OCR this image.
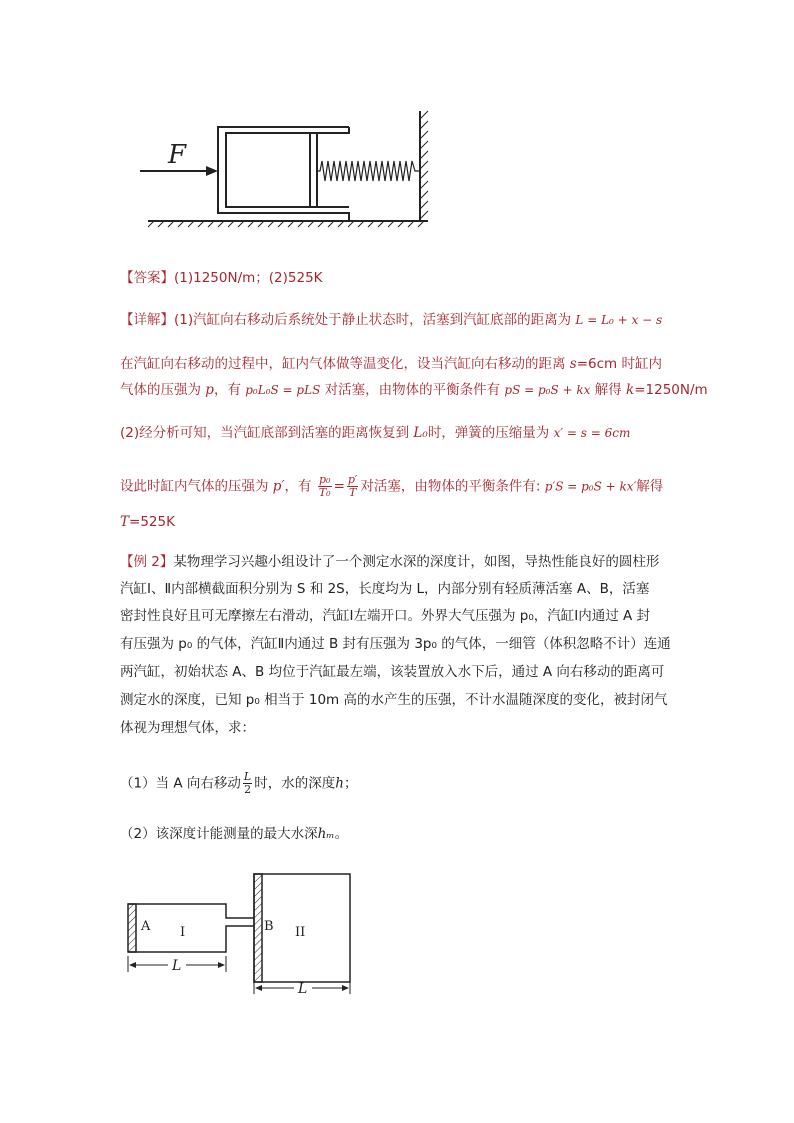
F
【答案】(1)1250N/m；(2)525K
【详解】(1)汽缸向右移动后系统处于静止状态时，活塞到汽缸底部的距离为 L = L₀ + x − s
在汽缸向右移动的过程中，缸内气体做等温变化，设当汽缸向右移动的距离 s=6cm 时缸内
气体的压强为 p，有 p₀L₀S = pLS 对活塞，由物体的平衡条件有 pS = p₀S + kx 解得 k=1250N/m
(2)经分析可知，当汽缸底部到活塞的距离恢复到 L₀时，弹簧的压缩量为 x′ = s = 6cm
设此时缸内气体的压强为 p′，有 $\frac{\text{p₀}}{\text{T₀}} = \frac{p'}{T}$ 对活塞，由物体的平衡条件有: p′S = p₀S + kx′解得
T=525K
【例 2】某物理学习兴趣小组设计了一个测定水深的深度计，如图，导热性能良好的圆柱形
汽缸Ⅰ、Ⅱ内部横截面积分别为 S 和 2S，长度均为 L，内部分别有轻质薄活塞 A、B，活塞
密封性良好且可无摩擦左右滑动，汽缸Ⅰ左端开口。外界大气压强为 p₀，汽缸Ⅰ内通过 A 封
有压强为 p₀ 的气体，汽缸Ⅱ内通过 B 封有压强为 3p₀ 的气体，一细管（体积忽略不计）连通
两汽缸，初始状态 A、B 均位于汽缸最左端，该装置放入水下后，通过 A 向右移动的距离可
测定水的深度，已知 p₀ 相当于 10m 高的水产生的压强，不计水温随深度的变化，被封闭气
体视为理想气体，求：
（1）当 A 向右移动 $\frac{L}{2}$ 时，水的深度h；
（2）该深度计能测量的最大水深hₘ。
A I	B II
L
L
